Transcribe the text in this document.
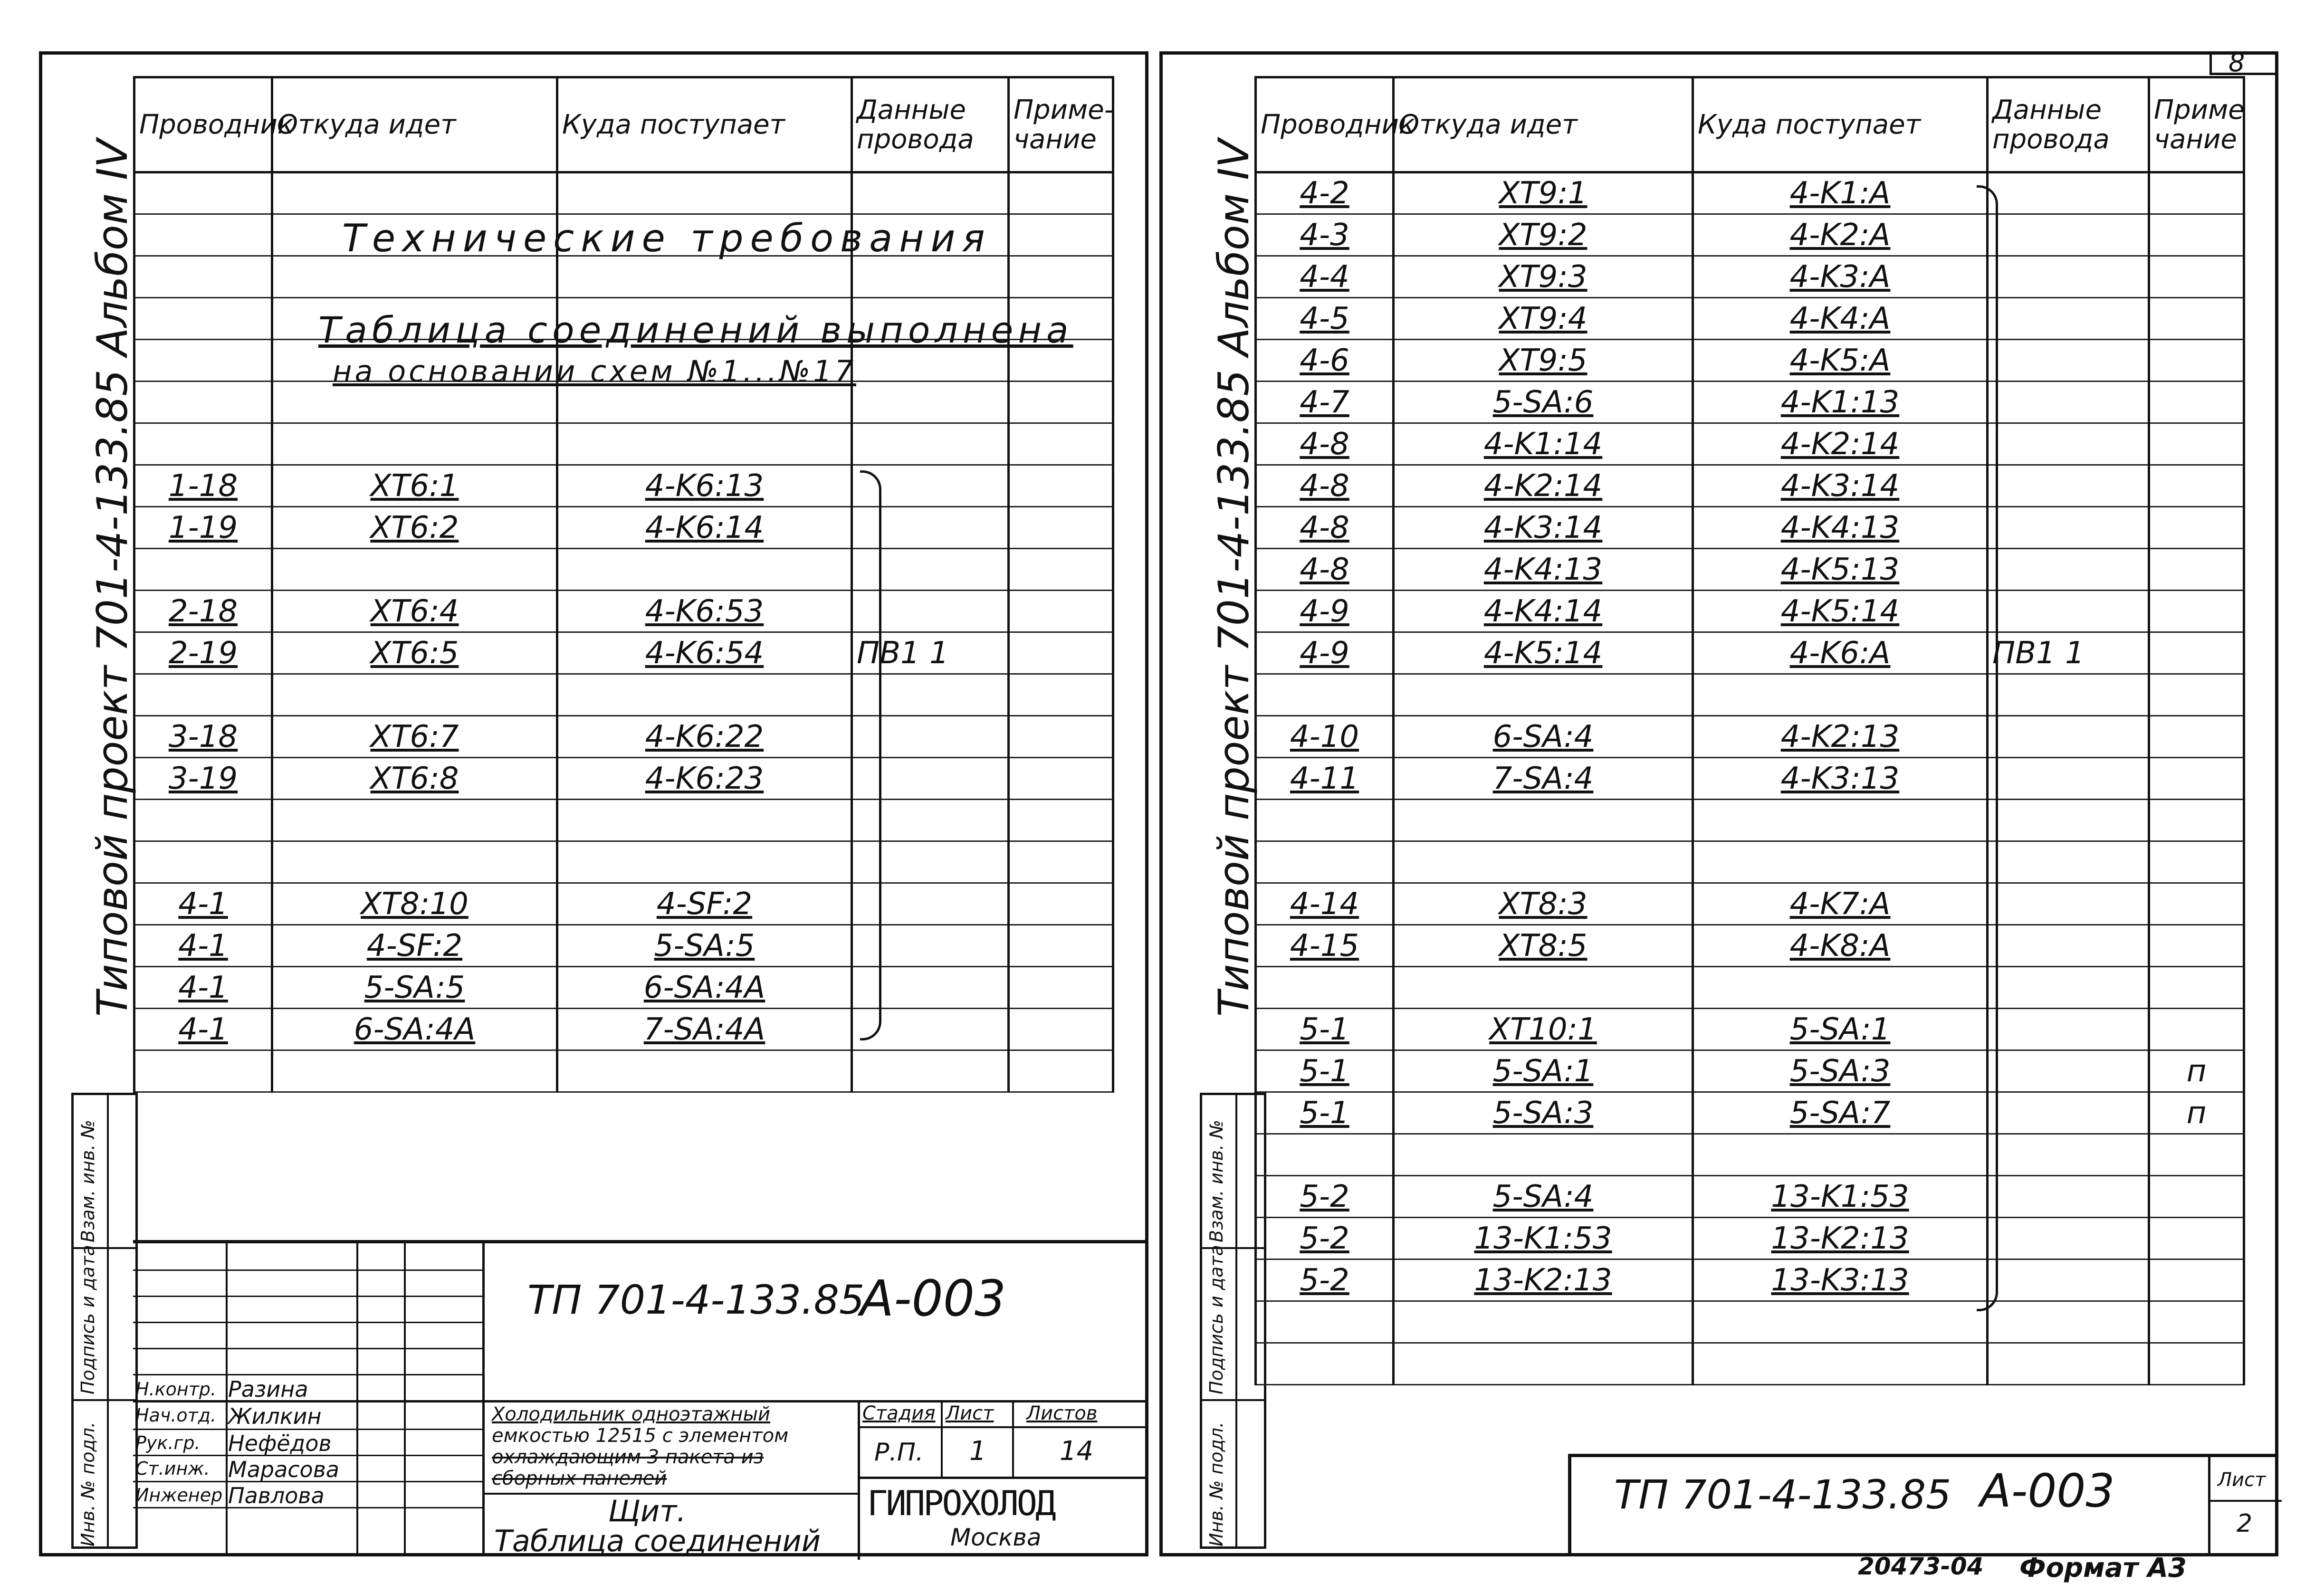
8
Типовой проект 701-4-133.85 Альбом IV	Типовой проект 701-4-133.85 Альбом IV
Инв. № подл.
Подпись и дата
Взам. инв. №
Инв. № подл.
Подпись и дата
Взам. инв. №
Проводник	Откуда идет	Куда поступает	Данные
провода	Приме-
чание

1-18	XT6:1	4-K6:13		
1-19	XT6:2	4-K6:14		

2-18	XT6:4	4-K6:53		
2-19	XT6:5	4-K6:54	ПВ1 1	

3-18	XT6:7	4-K6:22		
3-19	XT6:8	4-K6:23		

4-1	XT8:10	4-SF:2		
4-1	4-SF:2	5-SA:5		
4-1	5-SA:5	6-SA:4A		
4-1	6-SA:4A	7-SA:4A		

Технические требования
Таблица соединений выполнена
на основании схем №1...№17
Н.контр.
Нач.отд.
Рук.гр.
Ст.инж.
Инженер
Разина
Жилкин
Нефёдов
Марасова
Павлова
ТП 701-4-133.85
А-003
Холодильник одноэтажный
емкостью 12515 с элементом
охлаждающим 3 пакета из
сборных панелей
Щит.
Таблица соединений
Стадия Лист Листов
Р.П. 1	14
ГИПРОХОЛОД
Москва
Проводник	Откуда идет	Куда поступает	Данные
провода	Приме
чание
4-2	XT9:1	4-K1:A		
4-3	XT9:2	4-K2:A		
4-4	XT9:3	4-K3:A		
4-5	XT9:4	4-K4:A		
4-6	XT9:5	4-K5:A		
4-7	5-SA:6	4-K1:13		
4-8	4-K1:14	4-K2:14		
4-8	4-K2:14	4-K3:14		
4-8	4-K3:14	4-K4:13		
4-8	4-K4:13	4-K5:13		
4-9	4-K4:14	4-K5:14		
4-9	4-K5:14	4-K6:A	ПВ1 1	

4-10	6-SA:4	4-K2:13		
4-11	7-SA:4	4-K3:13		

4-14	XT8:3	4-K7:A		
4-15	XT8:5	4-K8:A		

5-1	XT10:1	5-SA:1		
5-1	5-SA:1	5-SA:3		п
5-1	5-SA:3	5-SA:7		п

5-2	5-SA:4	13-K1:53		
5-2	13-K1:53	13-K2:13		
5-2	13-K2:13	13-K3:13		

ТП 701-4-133.85 А-003	Лист
2
20473-04 Формат А3
